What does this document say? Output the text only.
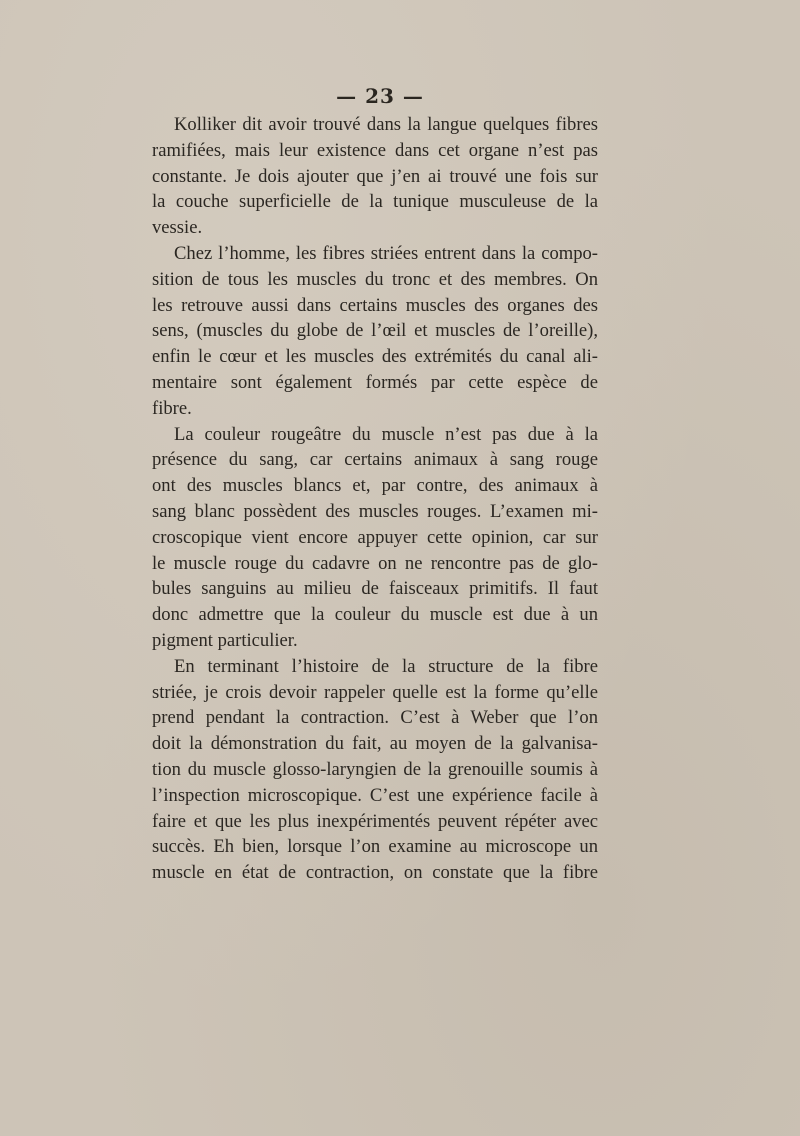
— 23 —
Kolliker dit avoir trouvé dans la langue quelques fibres
ramifiées, mais leur existence dans cet organe n’est pas
constante. Je dois ajouter que j’en ai trouvé une fois sur
la couche superficielle de la tunique musculeuse de la
vessie.
Chez l’homme, les fibres striées entrent dans la compo-
sition de tous les muscles du tronc et des membres. On
les retrouve aussi dans certains muscles des organes des
sens, (muscles du globe de l’œil et muscles de l’oreille),
enfin le cœur et les muscles des extrémités du canal ali-
mentaire sont également formés par cette espèce de
fibre.
La couleur rougeâtre du muscle n’est pas due à la
présence du sang, car certains animaux à sang rouge
ont des muscles blancs et, par contre, des animaux à
sang blanc possèdent des muscles rouges. L’examen mi-
croscopique vient encore appuyer cette opinion, car sur
le muscle rouge du cadavre on ne rencontre pas de glo-
bules sanguins au milieu de faisceaux primitifs. Il faut
donc admettre que la couleur du muscle est due à un
pigment particulier.
En terminant l’histoire de la structure de la fibre
striée, je crois devoir rappeler quelle est la forme qu’elle
prend pendant la contraction. C’est à Weber que l’on
doit la démonstration du fait, au moyen de la galvanisa-
tion du muscle glosso-laryngien de la grenouille soumis à
l’inspection microscopique. C’est une expérience facile à
faire et que les plus inexpérimentés peuvent répéter avec
succès. Eh bien, lorsque l’on examine au microscope un
muscle en état de contraction, on constate que la fibre
